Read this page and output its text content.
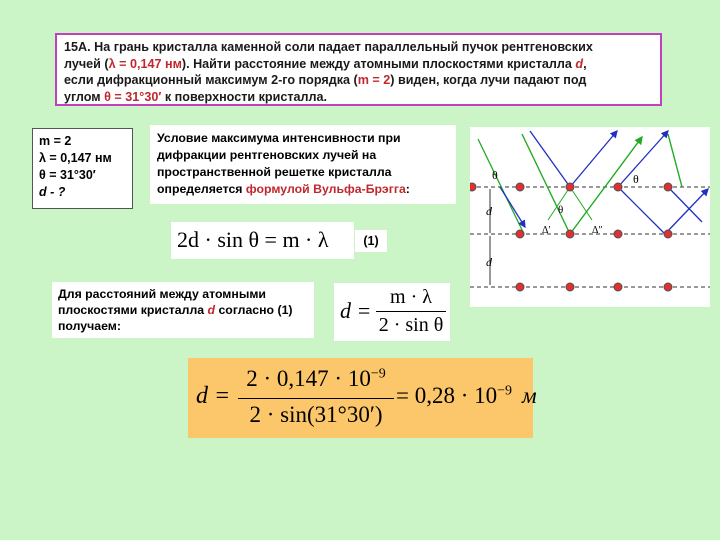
15А. На грань кристалла каменной соли падает параллельный пучок рентгеновских
лучей (λ = 0,147 нм). Найти расстояние между атомными плоскостями кристалла d,
если дифракционный максимум 2-го порядка (m = 2) виден, когда лучи падают под
углом θ = 31°30′ к поверхности кристалла.
m = 2
λ = 0,147 нм
θ = 31°30′
d - ?
Условие максимума интенсивности при дифракции рентгеновских лучей на пространственной решетке кристалла определяется формулой Вульфа-Брэгга:
2d · sin θ = m · λ	(1)
Для расстояний между атомными плоскостями кристалла d согласно (1) получаем:
d =
m · λ
2 · sin θ
d =
$2 \cdot 0,147 \cdot 10^{-9}$
2 · sin(31°30′)
= $0,28 \cdot 10^{-9}$ м
θ	θ
θ
d
d
Δ′	Δ″
